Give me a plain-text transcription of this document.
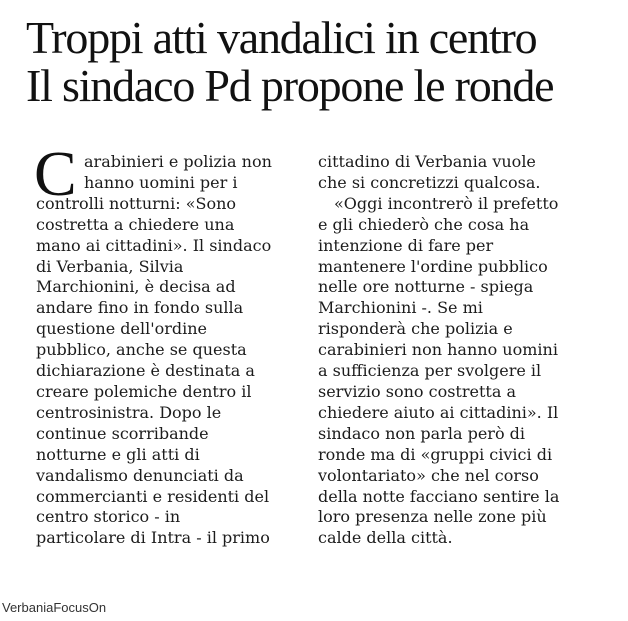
Troppi atti vandalici in centro
Il sindaco Pd propone le ronde
C arabinieri e polizia non
hanno uomini per i
controlli notturni: «Sono
costretta a chiedere una
mano ai cittadini». Il sindaco
di Verbania, Silvia
Marchionini, è decisa ad
andare fino in fondo sulla
questione dell'ordine
pubblico, anche se questa
dichiarazione è destinata a
creare polemiche dentro il
centrosinistra. Dopo le
continue scorribande
notturne e gli atti di
vandalismo denunciati da
commercianti e residenti del
centro storico - in
particolare di Intra - il primo
cittadino di Verbania vuole
che si concretizzi qualcosa.
«Oggi incontrerò il prefetto
e gli chiederò che cosa ha
intenzione di fare per
mantenere l'ordine pubblico
nelle ore notturne - spiega
Marchionini -. Se mi
risponderà che polizia e
carabinieri non hanno uomini
a sufficienza per svolgere il
servizio sono costretta a
chiedere aiuto ai cittadini». Il
sindaco non parla però di
ronde ma di «gruppi civici di
volontariato» che nel corso
della notte facciano sentire la
loro presenza nelle zone più
calde della città.
VerbaniaFocusOn
